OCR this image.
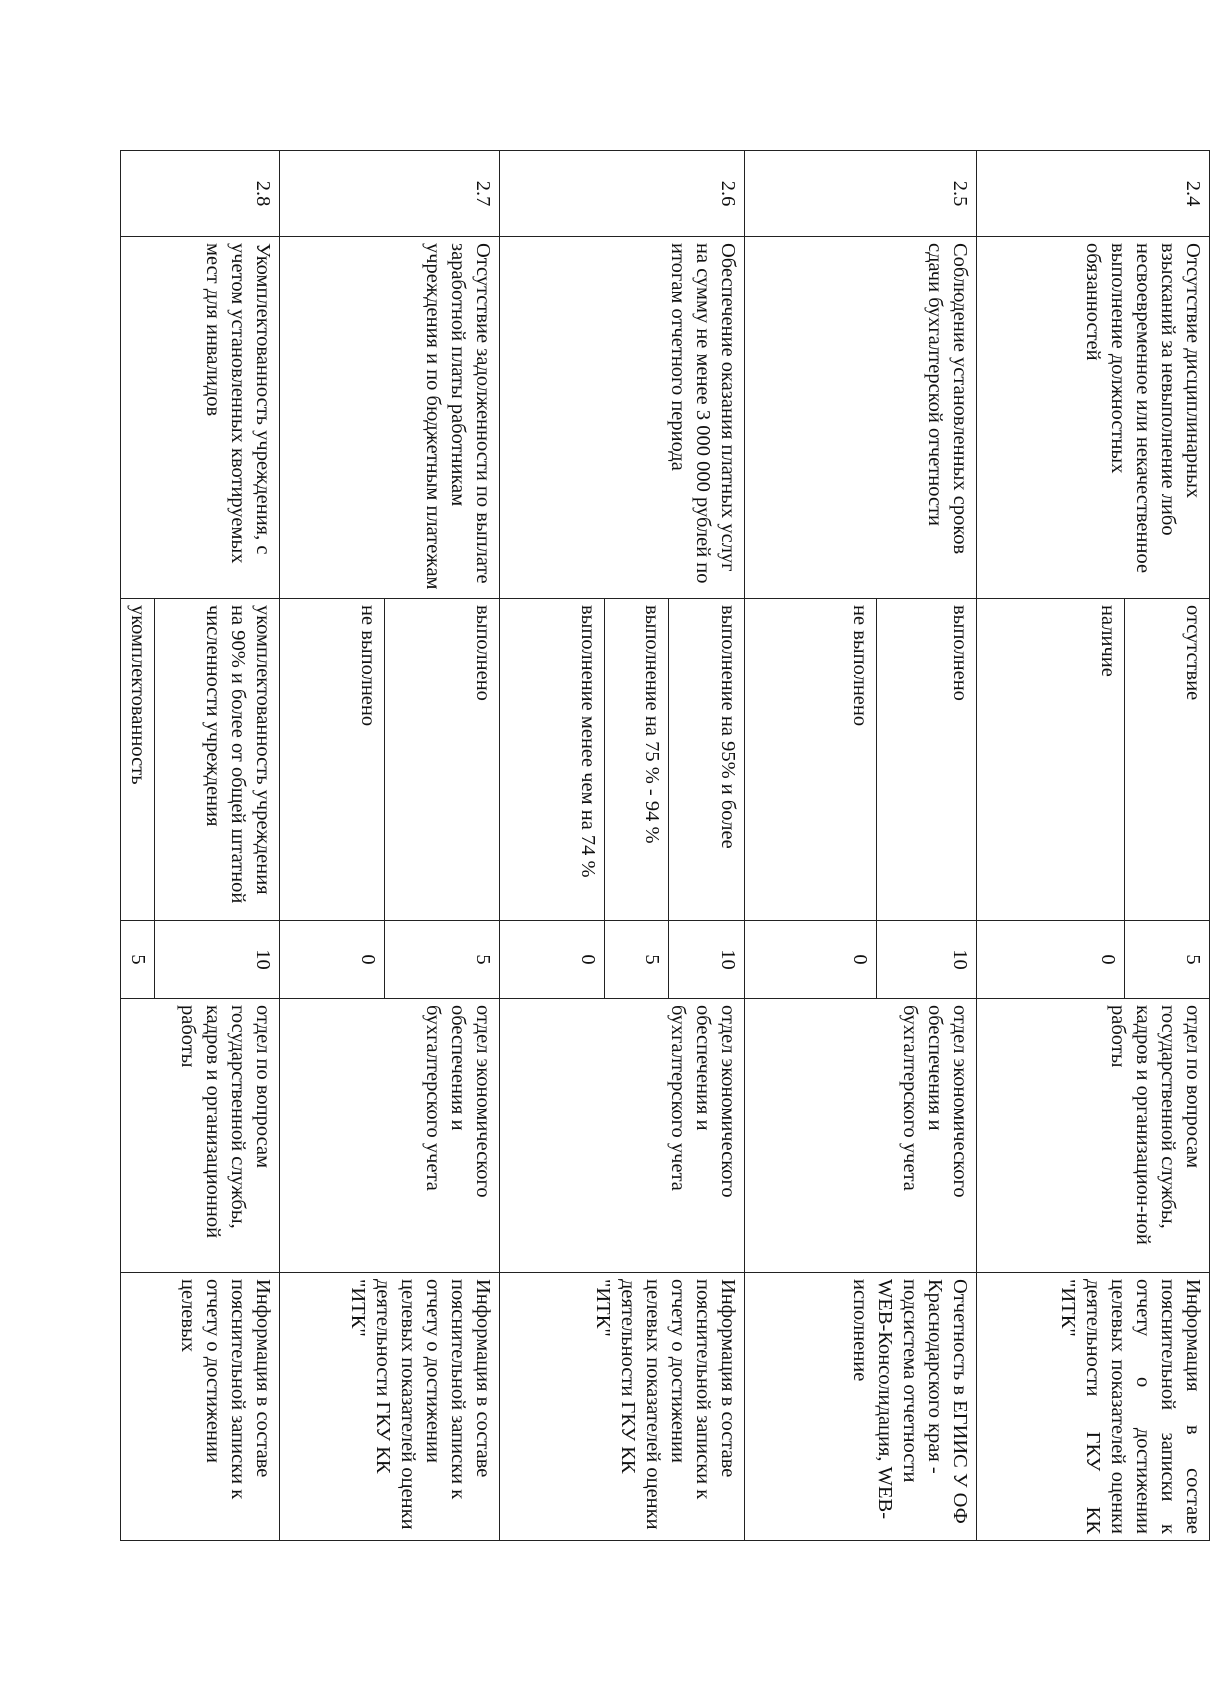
2.4	Отсутствие дисциплинарных взысканий за невыполнение либо несвоевременное или некачественное выполнение должностных обязанностей	отсутствие	5	отдел по вопросам государственной службы, кадров и организацион-ной работы	Информация в составе пояснительной записки к отчету о достижении целевых показателей оценки деятельности ГКУ КК "ИТК"
		наличие	0		
2.5	Соблюдение установленных сроков сдачи бухгалтерской отчетности	выполнено	10	отдел экономического обеспечения и бухгалтерского учета	Отчетность в ЕГИИС У ОФ Краснодарского края - подсистема отчетности WEB-Консолидация, WEB-исполнение
		не выполнено	0		
2.6	Обеспечение оказания платных услуг на сумму не менее 3 000 000 рублей по итогам отчетного периода	выполнение на 95% и более	10	отдел экономического обеспечения и бухгалтерского учета	Информация в составе пояснительной записки к отчету о достижении целевых показателей оценки деятельности ГКУ КК "ИТК"
		выполнение на 75 % - 94 %	5		
		выполнение менее чем на 74 %	0		
2.7	Отсутствие задолженности по выплате заработной платы работникам учреждения и по бюджетным платежам	выполнено	5	отдел экономического обеспечения и бухгалтерского учета	Информация в составе пояснительной записки к отчету о достижении целевых показателей оценки деятельности ГКУ КК "ИТК"
		не выполнено	0		
2.8	Укомплектованность учреждения, с учетом установленных квотируемых мест для инвалидов	укомплектованность учреждения на 90% и более от общей штатной численности учреждения	10	отдел по вопросам государственной службы, кадров и организационной работы	Информация в составе пояснительной записки к отчету о достижении целевых
		укомплектованность	5		
